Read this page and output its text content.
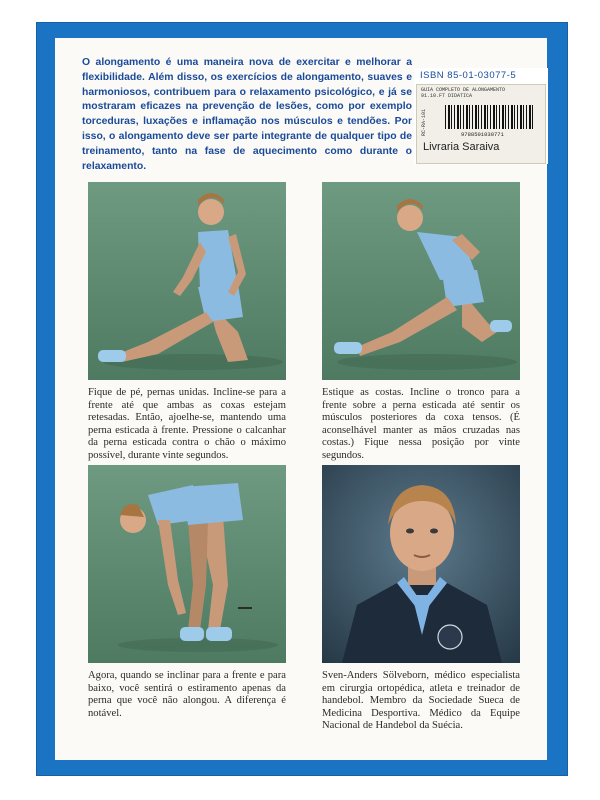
O alongamento é uma maneira nova de exercitar e melhorar a flexibilidade. Além disso, os exercícios de alongamento, suaves e harmoniosos, contribuem para o relaxamento psicológico, e já se mostraram eficazes na prevenção de lesões, como por exemplo torceduras, luxações e inflamação nos músculos e tendões. Por isso, o alongamento deve ser parte integrante de qualquer tipo de treinamento, tanto na fase de aquecimento como durante o relaxamento.

ISBN 85-01-03077-5
GUIA COMPLETO DE ALONGAMENTO
91.10.FT DIDATICA
RC-RA-101	9788501030771
Livraria Saraiva

Fique de pé, pernas unidas. Incline-se para a frente até que ambas as coxas estejam retesadas. Então, ajoelhe-se, mantendo uma perna esticada à frente. Pressione o calcanhar da perna esticada contra o chão o máximo possível, durante vinte segundos.

Estique as costas. Incline o tronco para a frente sobre a perna esticada até sentir os músculos posteriores da coxa tensos. (É aconselhável manter as mãos cruzadas nas costas.) Fique nessa posição por vinte segundos.

Agora, quando se inclinar para a frente e para baixo, você sentirá o estiramento apenas da perna que você não alongou. A diferença é notável.

Sven-Anders Sölveborn, médico especialista em cirurgia ortopédica, atleta e treinador de handebol. Membro da Sociedade Sueca de Medicina Desportiva. Médico da Equipe Nacional de Handebol da Suécia.
